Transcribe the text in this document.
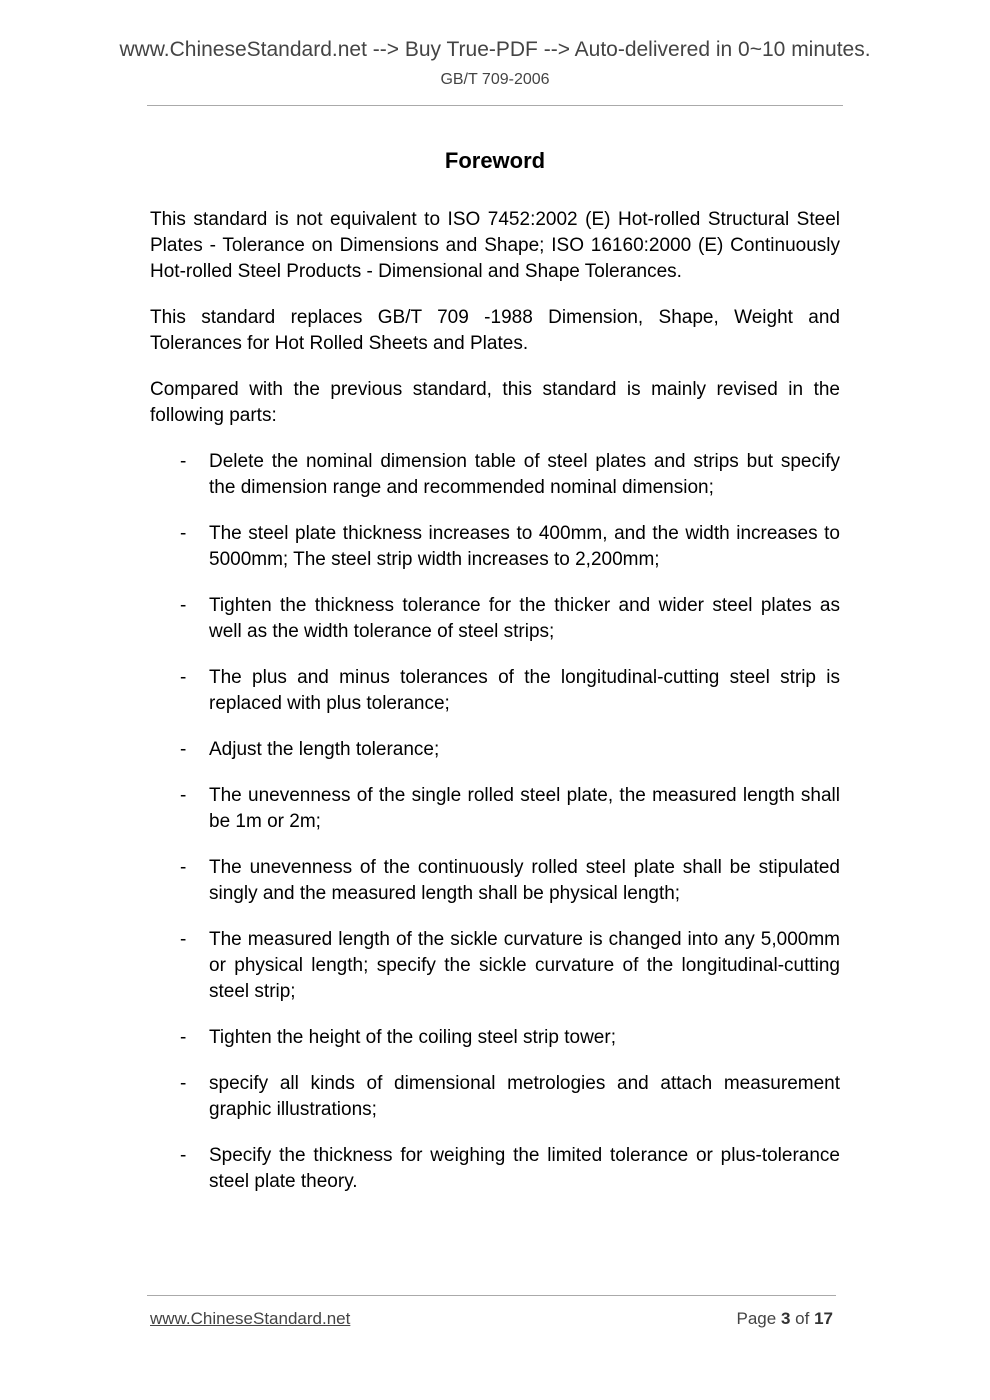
www.ChineseStandard.net --> Buy True-PDF --> Auto-delivered in 0~10 minutes.
GB/T 709-2006
Foreword

This standard is not equivalent to ISO 7452:2002 (E) Hot-rolled Structural Steel Plates - Tolerance on Dimensions and Shape; ISO 16160:2000 (E) Continuously Hot-rolled Steel Products - Dimensional and Shape Tolerances.

This standard replaces GB/T 709 -1988 Dimension, Shape, Weight and Tolerances for Hot Rolled Sheets and Plates.

Compared with the previous standard, this standard is mainly revised in the following parts:

-	Delete the nominal dimension table of steel plates and strips but specify the dimension range and recommended nominal dimension;
-	The steel plate thickness increases to 400mm, and the width increases to 5000mm; The steel strip width increases to 2,200mm;
-	Tighten the thickness tolerance for the thicker and wider steel plates as well as the width tolerance of steel strips;
-	The plus and minus tolerances of the longitudinal-cutting steel strip is replaced with plus tolerance;
-	Adjust the length tolerance;
-	The unevenness of the single rolled steel plate, the measured length shall be 1m or 2m;
-	The unevenness of the continuously rolled steel plate shall be stipulated singly and the measured length shall be physical length;
-	The measured length of the sickle curvature is changed into any 5,000mm or physical length; specify the sickle curvature of the longitudinal-cutting steel strip;
-	Tighten the height of the coiling steel strip tower;
-	specify all kinds of dimensional metrologies and attach measurement graphic illustrations;
-	Specify the thickness for weighing the limited tolerance or plus-tolerance steel plate theory.
www.ChineseStandard.net	Page 3 of 17
